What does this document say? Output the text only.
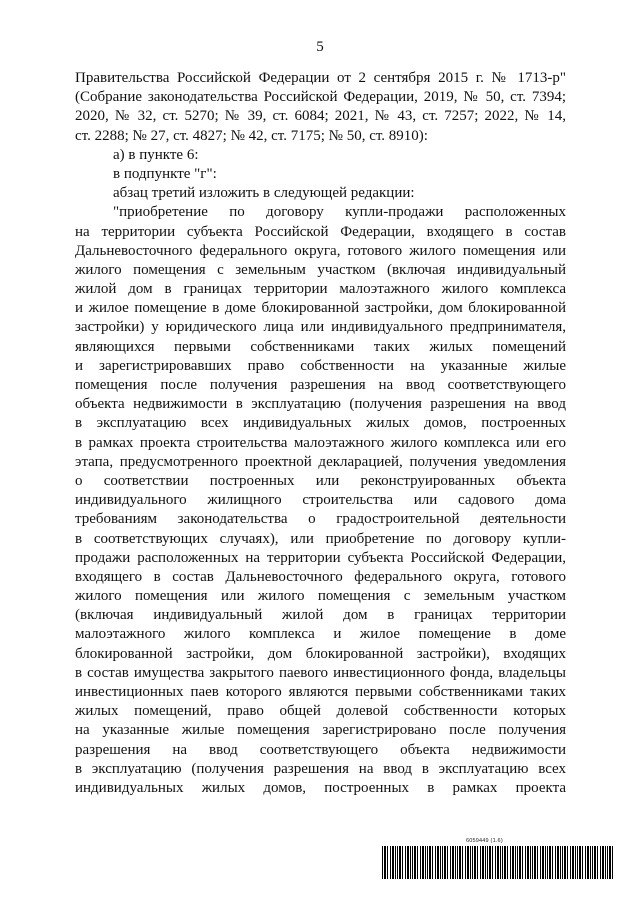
5
Правительства Российской Федерации от 2 сентября 2015 г. № 1713-р"
(Собрание законодательства Российской Федерации, 2019, № 50, ст. 7394;
2020, № 32, ст. 5270; № 39, ст. 6084; 2021, № 43, ст. 7257; 2022, № 14,
ст. 2288; № 27, ст. 4827; № 42, ст. 7175; № 50, ст. 8910):
а) в пункте 6:
в подпункте "г":
абзац третий изложить в следующей редакции:
"приобретение по договору купли-продажи расположенных
на территории субъекта Российской Федерации, входящего в состав
Дальневосточного федерального округа, готового жилого помещения или
жилого помещения с земельным участком (включая индивидуальный
жилой дом в границах территории малоэтажного жилого комплекса
и жилое помещение в доме блокированной застройки, дом блокированной
застройки) у юридического лица или индивидуального предпринимателя,
являющихся первыми собственниками таких жилых помещений
и зарегистрировавших право собственности на указанные жилые
помещения после получения разрешения на ввод соответствующего
объекта недвижимости в эксплуатацию (получения разрешения на ввод
в эксплуатацию всех индивидуальных жилых домов, построенных
в рамках проекта строительства малоэтажного жилого комплекса или его
этапа, предусмотренного проектной декларацией, получения уведомления
о соответствии построенных или реконструированных объекта
индивидуального жилищного строительства или садового дома
требованиям законодательства о градостроительной деятельности
в соответствующих случаях), или приобретение по договору купли-
продажи расположенных на территории субъекта Российской Федерации,
входящего в состав Дальневосточного федерального округа, готового
жилого помещения или жилого помещения с земельным участком
(включая индивидуальный жилой дом в границах территории
малоэтажного жилого комплекса и жилое помещение в доме
блокированной застройки, дом блокированной застройки), входящих
в состав имущества закрытого паевого инвестиционного фонда, владельцы
инвестиционных паев которого являются первыми собственниками таких
жилых помещений, право общей долевой собственности которых
на указанные жилые помещения зарегистрировано после получения
разрешения на ввод соответствующего объекта недвижимости
в эксплуатацию (получения разрешения на ввод в эксплуатацию всех
индивидуальных жилых домов, построенных в рамках проекта
6059449 (1.6)
